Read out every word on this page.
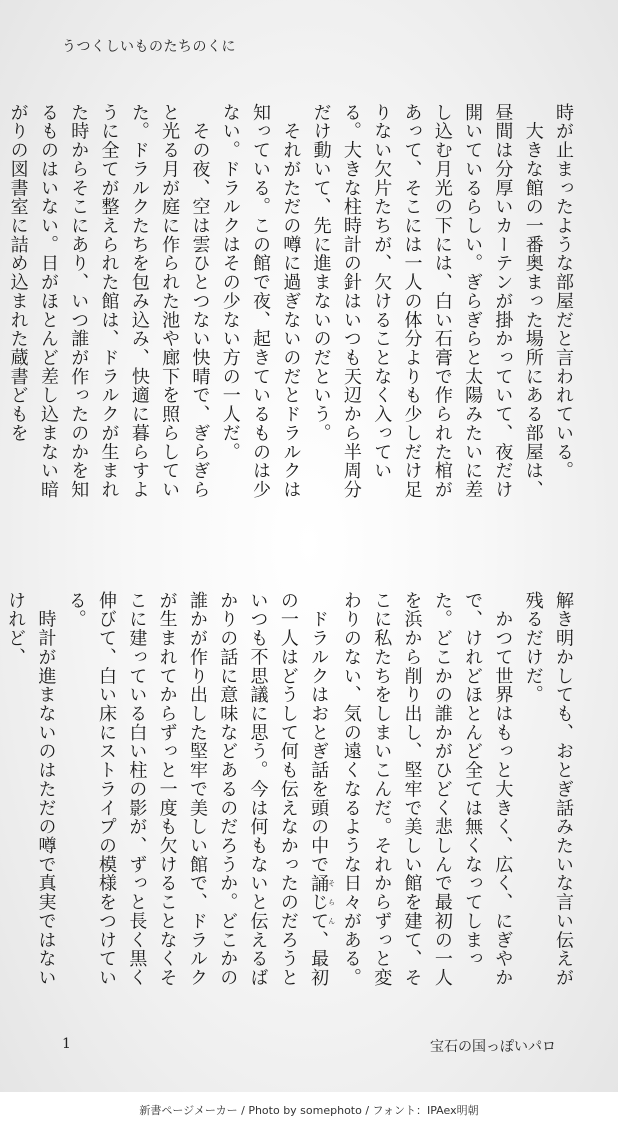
うつくしいものたちのくに

時が止まったような部屋だと言われている。

　大きな館の一番奥まった場所にある部屋は、昼間は分厚いカーテンが掛かっていて、夜だけ開いているらしい。ぎらぎらと太陽みたいに差し込む月光の下には、白い石膏で作られた棺があって、そこには一人の体分よりも少しだけ足りない欠片たちが、欠けることなく入っている。大きな柱時計の針はいつも天辺から半周分だけ動いて、先に進まないのだという。

　それがただの噂に過ぎないのだとドラルクは知っている。この館で夜、起きているものは少ない。ドラルクはその少ない方の一人だ。

　その夜、空は雲ひとつない快晴で、ぎらぎらと光る月が庭に作られた池や廊下を照らしていた。ドラルクたちを包み込み、快適に暮らすように全てが整えられた館は、ドラルクが生まれた時からそこにあり、いつ誰が作ったのかを知るものはいない。日がほとんど差し込まない暗がりの図書室に詰め込まれた蔵書どもを

解き明かしても、おとぎ話みたいな言い伝えが残るだけだ。

　かつて世界はもっと大きく、広く、にぎやかで、けれどほとんど全ては無くなってしまった。どこかの誰かがひどく悲しんで最初の一人を浜から削り出し、堅牢で美しい館を建て、そこに私たちをしまいこんだ。それからずっと変わりのない、気の遠くなるような日々がある。

　ドラルクはおとぎ話を頭の中で誦じてそらん、最初の一人はどうして何も伝えなかったのだろうといつも不思議に思う。今は何もないと伝えるばかりの話に意味などあるのだろうか。どこかの誰かが作り出した堅牢で美しい館で、ドラルクが生まれてからずっと一度も欠けることなくそこに建っている白い柱の影が、ずっと長く黒く伸びて、白い床にストライプの模様をつけている。

　時計が進まないのはただの噂で真実ではないけれど、

1	宝石の国っぽいパロ
新書ページメーカー / Photo by somephoto / フォント：IPAex明朝
